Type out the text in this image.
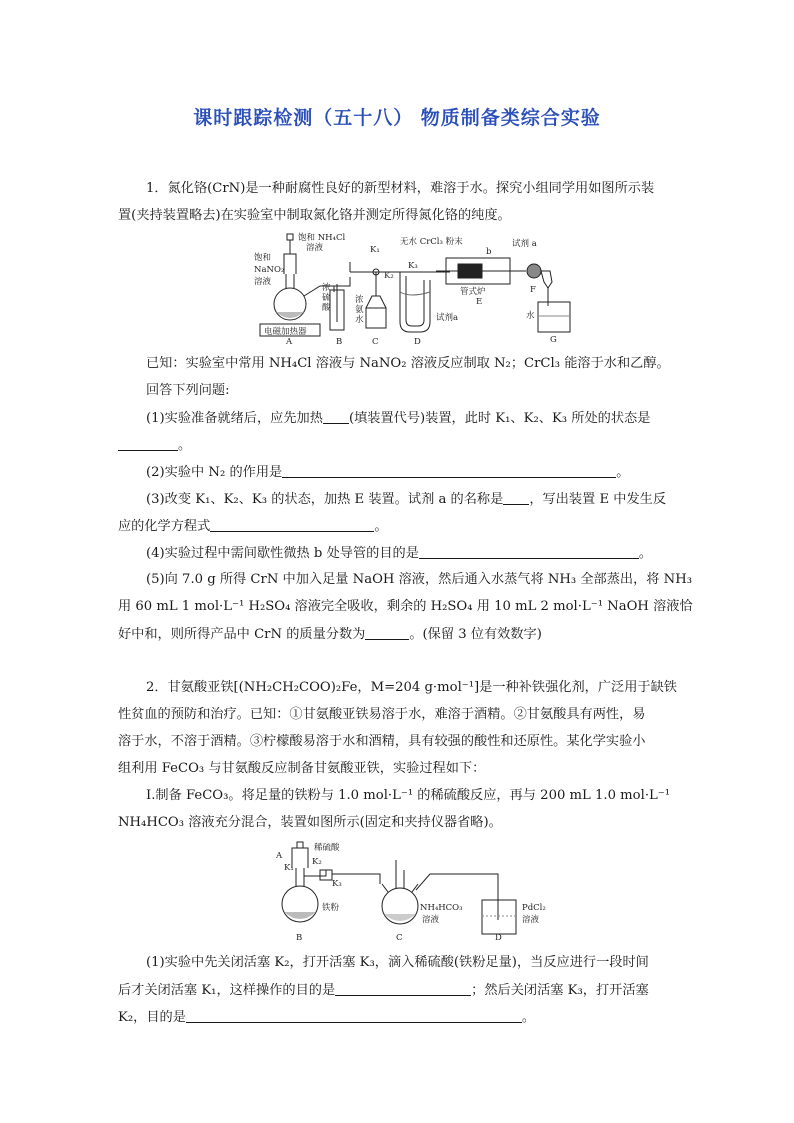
课时跟踪检测（五十八） 物质制备类综合实验
1．氮化铬(CrN)是一种耐腐性良好的新型材料，难溶于水。探究小组同学用如图所示装
置(夹持装置略去)在实验室中制取氮化铬并测定所得氮化铬的纯度。
饱和 NH₄Cl
溶液
饱和
NaNO₂
溶液
电磁加热器
浓
硫
酸
浓
氨
水
无水 CrCl₃ 粉末
b
管式炉
试剂a
试剂 a
K₁
K₂
K₃
水
A	B	C	D
E
F
G
已知：实验室中常用 NH₄Cl 溶液与 NaNO₂ 溶液反应制取 N₂；CrCl₃ 能溶于水和乙醇。
回答下列问题:
(1)实验准备就绪后，应先加热 (填装置代号)装置，此时 K₁、K₂、K₃ 所处的状态是
。
(2)实验中 N₂ 的作用是	。
(3)改变 K₁、K₂、K₃ 的状态，加热 E 装置。试剂 a 的名称是 ，写出装置 E 中发生反
应的化学方程式	。
(4)实验过程中需间歇性微热 b 处导管的目的是	。
(5)向 7.0 g 所得 CrN 中加入足量 NaOH 溶液，然后通入水蒸气将 NH₃ 全部蒸出，将 NH₃
用 60 mL 1 mol·L⁻¹ H₂SO₄ 溶液完全吸收，剩余的 H₂SO₄ 用 10 mL 2 mol·L⁻¹ NaOH 溶液恰
好中和，则所得产品中 CrN 的质量分数为	。(保留 3 位有效数字)
2．甘氨酸亚铁[(NH₂CH₂COO)₂Fe，M=204 g·mol⁻¹]是一种补铁强化剂，广泛用于缺铁
性贫血的预防和治疗。已知：①甘氨酸亚铁易溶于水，难溶于酒精。②甘氨酸具有两性，易
溶于水，不溶于酒精。③柠檬酸易溶于水和酒精，具有较强的酸性和还原性。某化学实验小
组利用 FeCO₃ 与甘氨酸反应制备甘氨酸亚铁，实验过程如下：
Ⅰ.制备 FeCO₃。将足量的铁粉与 1.0 mol·L⁻¹ 的稀硫酸反应，再与 200 mL 1.0 mol·L⁻¹
NH₄HCO₃ 溶液充分混合，装置如图所示(固定和夹持仪器省略)。
A
K₁
稀硫酸
K₂
K₃
铁粉	NH₄HCO₃
溶液
PdCl₂
溶液
B	C	D
(1)实验中先关闭活塞 K₂，打开活塞 K₃，滴入稀硫酸(铁粉足量)，当反应进行一段时间
后才关闭活塞 K₁，这样操作的目的是	；然后关闭活塞 K₃，打开活塞
K₂，目的是	。
